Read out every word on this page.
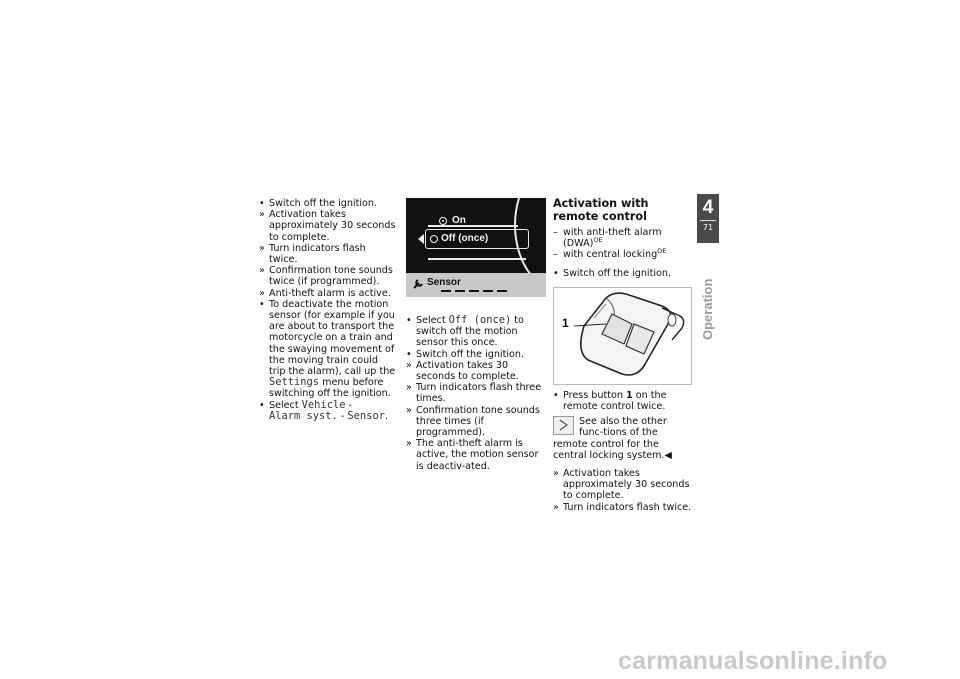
• Switch off the ignition.

» Activation takes approximately 30 seconds to complete.

» Turn indicators flash twice.

» Confirmation tone sounds twice (if programmed).

» Anti-theft alarm is active.

• To deactivate the motion sensor (for example if you are about to transport the motorcycle on a train and the swaying movement of the moving train could trip the alarm), call up the Settings menu before switching off the ignition.

• Select Vehicle -
Alarm syst. - Sensor.

On
Off (once)
Sensor

• Select Off (once) to switch off the motion sensor this once.

• Switch off the ignition.

» Activation takes 30 seconds to complete.

» Turn indicators flash three times.

» Confirmation tone sounds three times (if programmed).

» The anti-theft alarm is active, the motion sensor is deactiv-ated.

Activation with remote control

– with anti-theft alarm (DWA)$^{OE}$

– with central locking$^{OE}$

• Switch off the ignition.

1

• Press button 1 on the remote control twice.

See also the other func-tions of the remote control for the central locking system.◀

» Activation takes approximately 30 seconds to complete.

» Turn indicators flash twice.

4
71
Operation
carmanualsonline.info
